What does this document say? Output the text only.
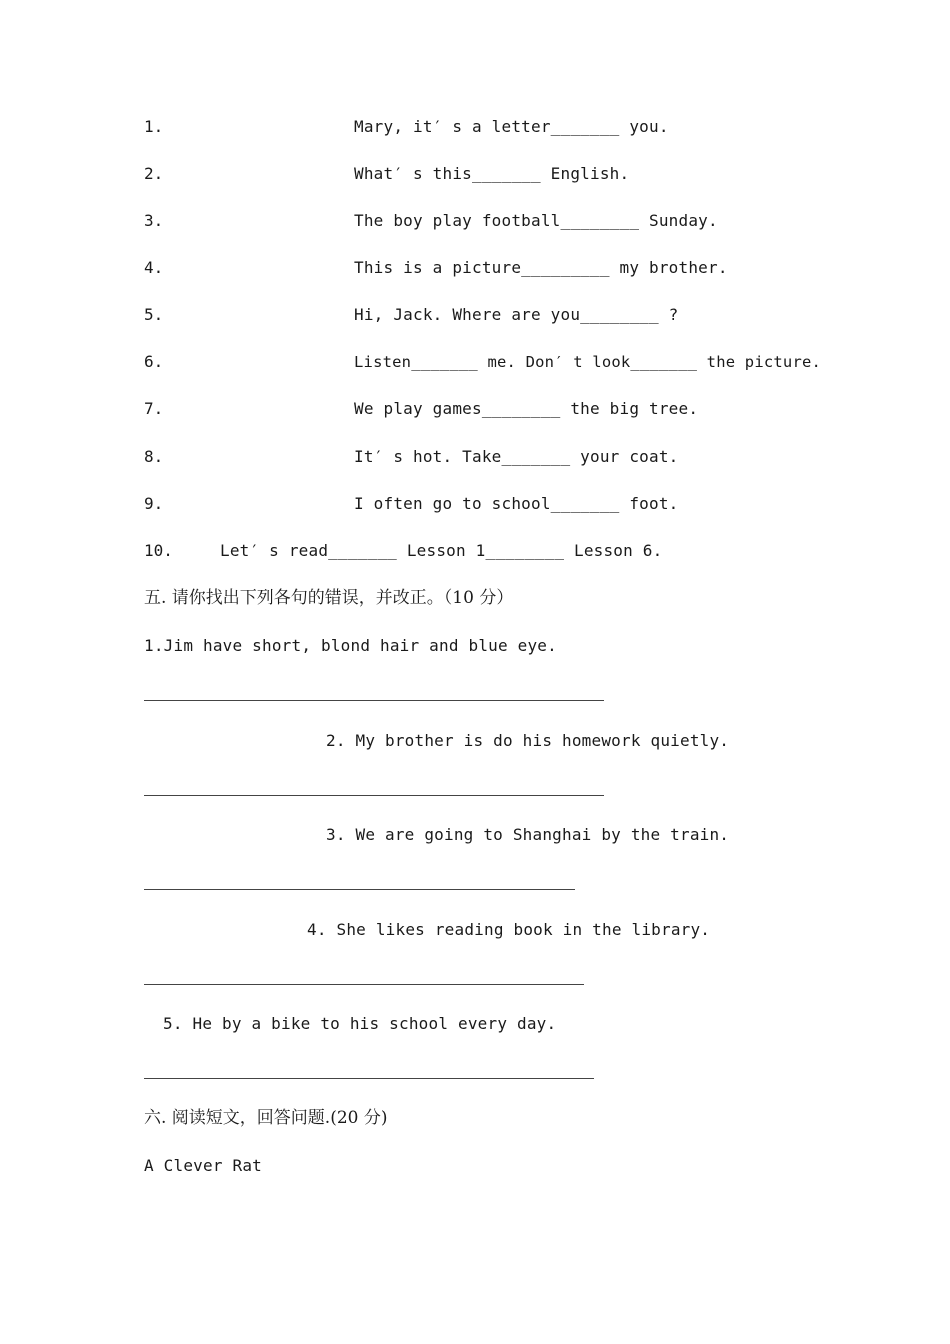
1.	Mary, it′ s a letter_______ you.
2.	What′ s this_______ English.
3.	The boy play football________ Sunday.
4.	This is a picture_________ my brother.
5.	Hi, Jack. Where are you________ ?
6.	Listen_______ me. Don′ t look_______ the picture.
7.	We play games________ the big tree.
8.	It′ s hot. Take_______ your coat.
9.	I often go to school_______ foot.
10.	Let′ s read_______ Lesson 1________ Lesson 6.
五. 请你找出下列各句的错误，并改正。（10 分）
1.Jim have short, blond hair and blue eye.
2. My brother is do his homework quietly.
3. We are going to Shanghai by the train.
4. She likes reading book in the library.
5. He by a bike to his school every day.
六. 阅读短文，回答问题.(20 分)
A Clever Rat
